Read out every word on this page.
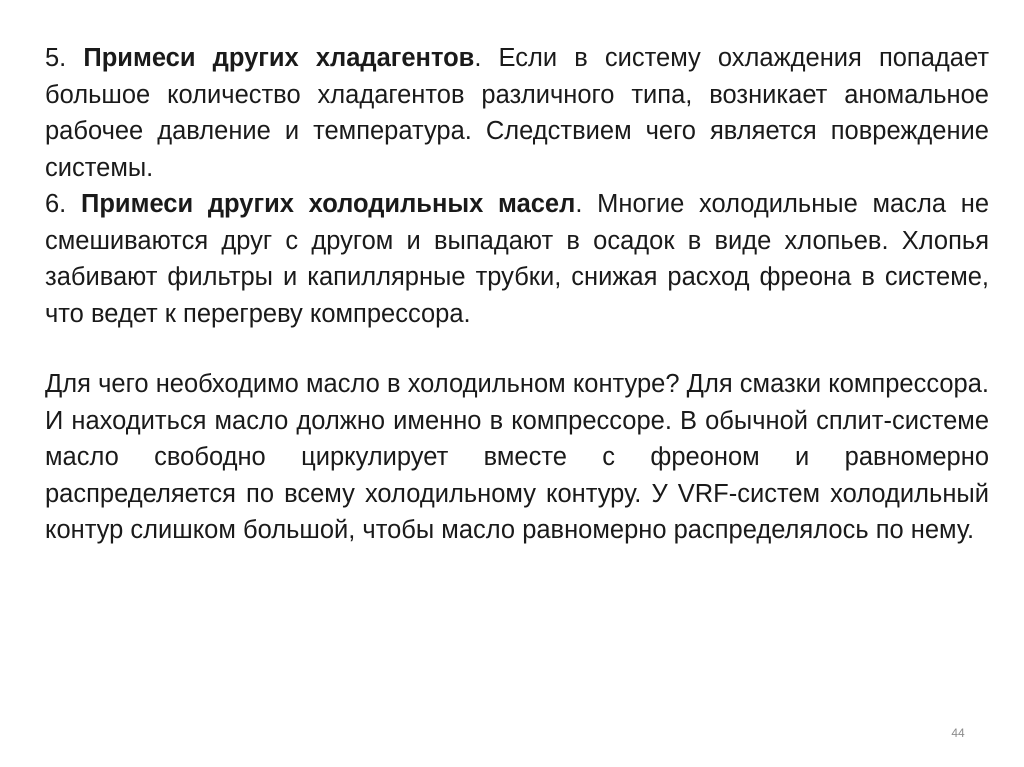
5. Примеси других хладагентов. Если в систему охлаждения попадает большое количество хладагентов различного типа, возникает аномальное рабочее давление и температура. Следствием чего является повреждение системы.

6. Примеси других холодильных масел. Многие холодильные масла не смешиваются друг с другом и выпадают в осадок в виде хлопьев. Хлопья забивают фильтры и капиллярные трубки, снижая расход фреона в системе, что ведет к перегреву компрессора.

Для чего необходимо масло в холодильном контуре? Для смазки компрессора. И находиться масло должно именно в компрессоре. В обычной сплит-системе масло свободно циркулирует вместе с фреоном и равномерно распределяется по всему холодильному контуру. У VRF-систем холодильный контур слишком большой, чтобы масло равномерно распределялось по нему.

44
